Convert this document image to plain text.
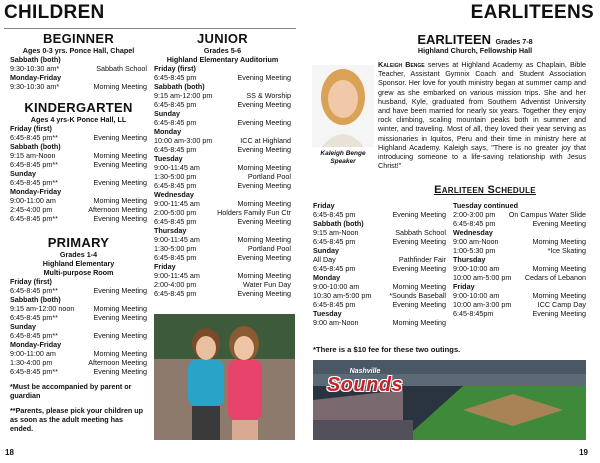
CHILDREN	EARLITEENS
BEGINNER
Ages 0-3 yrs. Ponce Hall, Chapel
Sabbath (both)
9:30-10:30 am*	Sabbath School
Monday-Friday
9:30-10:30 am*	Morning Meeting
KINDERGARTEN
Ages 4 yrs-K Ponce Hall, LL
Friday (first)
6:45-8:45 pm**	Evening Meeting
Sabbath (both)
9:15 am-Noon	Morning Meeting
6:45-8:45 pm**	Evening Meeting
Sunday
6:45-8:45 pm**	Evening Meeting
Monday-Friday
9:00-11:00 am	Morning Meeting
2:45-4:00 pm	Afternoon Meeting
6:45-8:45 pm**	Evening Meeting
PRIMARY
Grades 1-4
Highland Elementary
Multi-purpose Room
Friday (first)
6:45-8:45 pm**	Evening Meeting
Sabbath (both)
9:15 am-12:00 noon	Morning Meeting
6:45-8:45 pm**	Evening Meeting
Sunday
6:45-8:45 pm**	Evening Meeting
Monday-Friday
9:00-11:00 am	Morning Meeting
1:30-4:00 pm	Afternoon Meeting
6:45-8:45 pm**	Evening Meeting
*Must be accompanied by parent or guardian
**Parents, please pick your children up as soon as the adult meeting has ended.
JUNIOR
Grades 5-6
Highland Elementary Auditorium
Friday (first)
6:45-8:45 pm	Evening Meeting
Sabbath (both)
9:15 am-12:00 pm	SS & Worship
6:45-8:45 pm	Evening Meeting
Sunday
6:45-8:45 pm	Evening Meeting
Monday
10:00 am-3:00 pm	ICC at Highland
6:45-8:45 pm	Evening Meeting
Tuesday
9:00-11:45 am	Morning Meeting
1:30-5:00 pm	Portland Pool
6:45-8:45 pm	Evening Meeting
Wednesday
9:00-11:45 am	Morning Meeting
2:00-5:00 pm	Holders Family Fun Ctr
6:45-8:45 pm	Evening Meeting
Thursday
9:00-11:45 am	Morning Meeting
1:30-5:00 pm	Portland Pool
6:45-8:45 pm	Evening Meeting
Friday
9:00-11:45 am	Morning Meeting
2:00-4:00 pm	Water Fun Day
6:45-8:45 pm	Evening Meeting
18
EARLITEEN Grades 7-8
Highland Church, Fellowship Hall
Kaleigh Benge
Speaker
Kaleigh Benge serves at Highland Academy as Chaplain, Bible Teacher, Assistant Gymnix Coach and Student Association Sponsor. Her love for youth ministry began at summer camp and grew as she embarked on various mission trips. She and her husband, Kyle, graduated from Southern Adventist University and have been married for nearly six years. Together they enjoy rock climbing, scaling mountain peaks both in summer and winter, and traveling. Most of all, they loved their year serving as missionaries in Iquitos, Peru and their time in ministry here at Highland Academy. Kaleigh says, "There is no greater joy that introducing someone to a life-saving relationship with Jesus Christ!"
Earliteen Schedule
Friday
6:45-8:45 pm	Evening Meeting
Sabbath (both)
9:15 am-Noon	Sabbath School
6:45-8:45 pm	Evening Meeting
Sunday
All Day	Pathfinder Fair
6:45-8:45 pm	Evening Meeting
Monday
9:00-10:00 am	Morning Meeting
10:30 am-5:00 pm *Sounds Baseball
6:45-8:45 pm	Evening Meeting
Tuesday
9:00 am-Noon	Morning Meeting
Tuesday continued
2:00-3:00 pm On Campus Water Slide
6:45-8:45 pm	Evening Meeting
Wednesday
9:00 am-Noon	Morning Meeting
1:00-5:30 pm	*Ice Skating
Thursday
9:00-10:00 am	Morning Meeting
10:00 am-5:00 pm Cedars of Lebanon
Friday
9:00-10:00 am	Morning Meeting
10:00 am-3:00 pm	ICC Camp Day
6:45-8:45pm	Evening Meeting
*There is a $10 fee for these two outings.
Nashville
Sounds
19
